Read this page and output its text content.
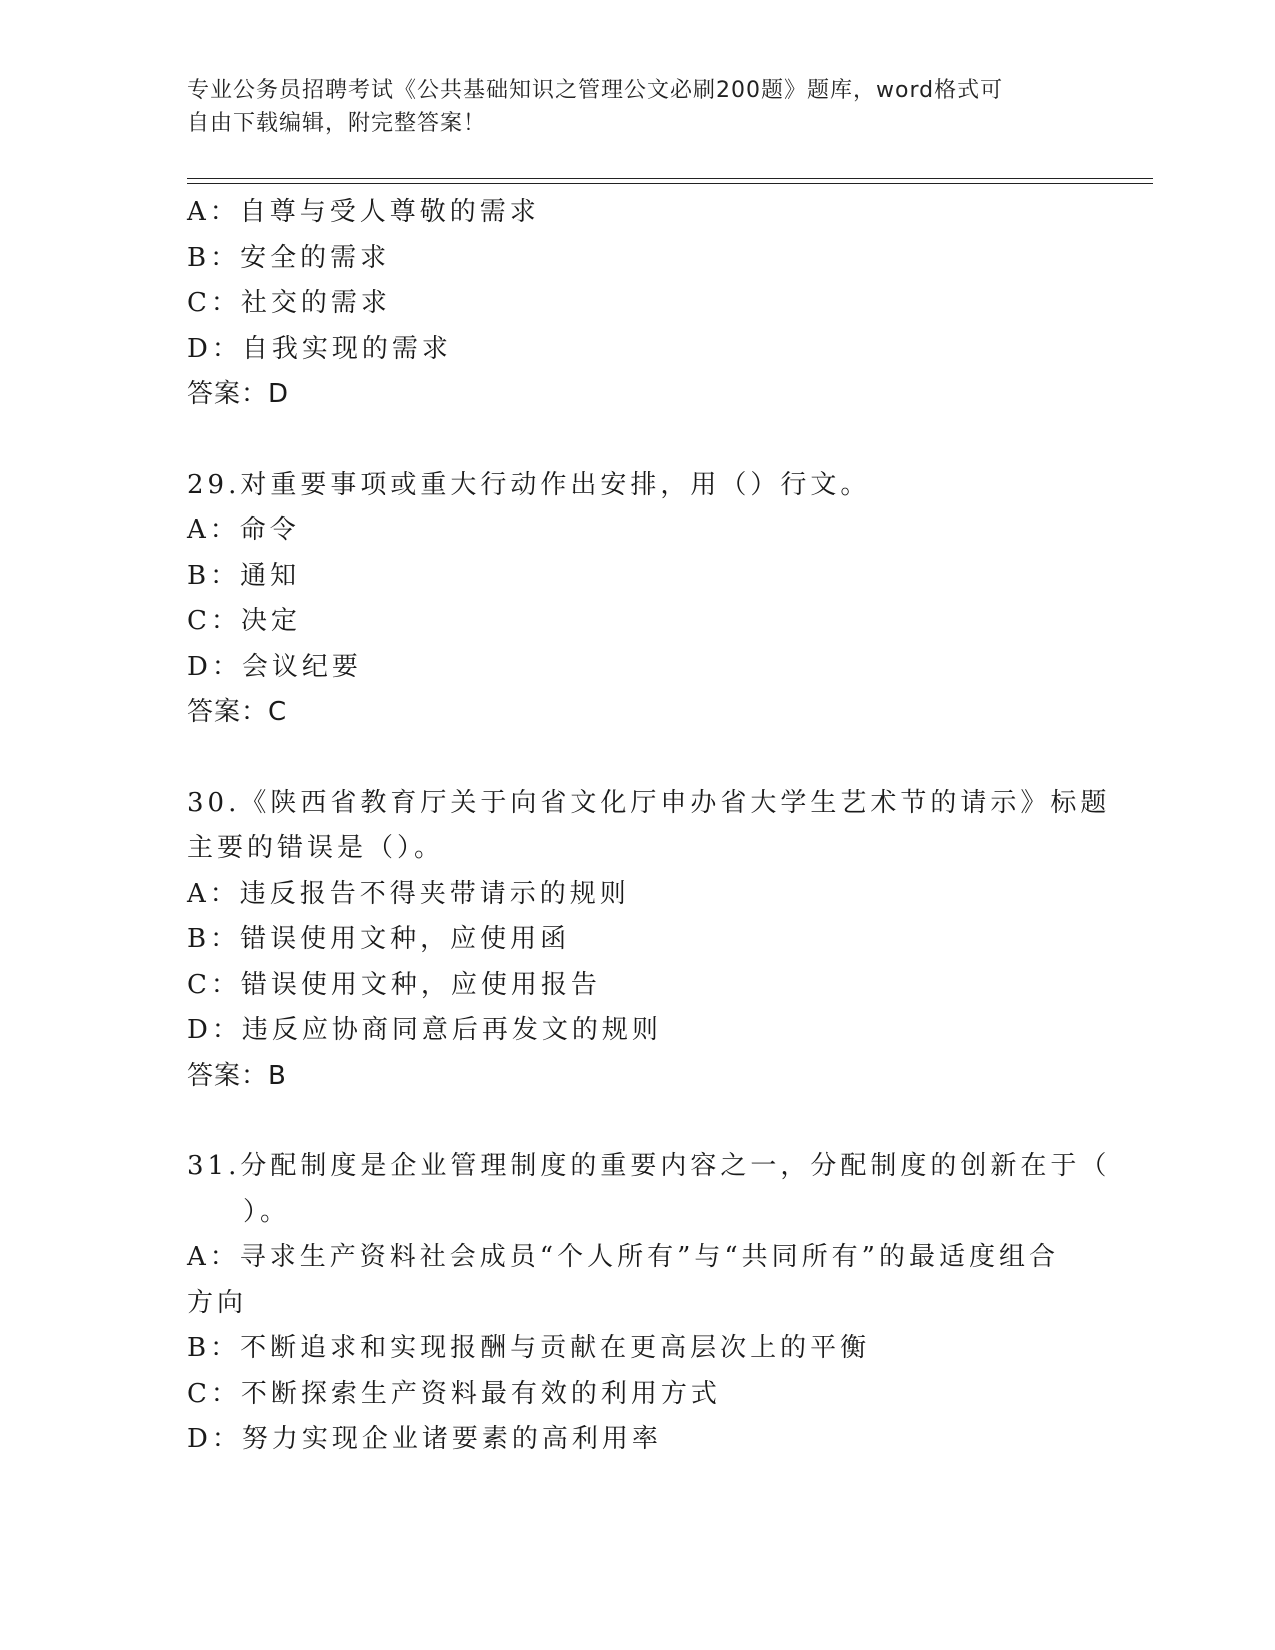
专业公务员招聘考试《公共基础知识之管理公文必刷200题》题库，word格式可
自由下载编辑，附完整答案！
A：自尊与受人尊敬的需求
B：安全的需求
C：社交的需求
D：自我实现的需求
答案：D
29.对重要事项或重大行动作出安排，用（）行文。
A：命令
B：通知
C：决定
D：会议纪要
答案：C
30.《陕西省教育厅关于向省文化厅申办省大学生艺术节的请示》标题
主要的错误是（）。
A：违反报告不得夹带请示的规则
B：错误使用文种，应使用函
C：错误使用文种，应使用报告
D：违反应协商同意后再发文的规则
答案：B
31.分配制度是企业管理制度的重要内容之一，分配制度的创新在于（
）。
A：寻求生产资料社会成员“个人所有”与“共同所有”的最适度组合
方向
B：不断追求和实现报酬与贡献在更高层次上的平衡
C：不断探索生产资料最有效的利用方式
D：努力实现企业诸要素的高利用率
